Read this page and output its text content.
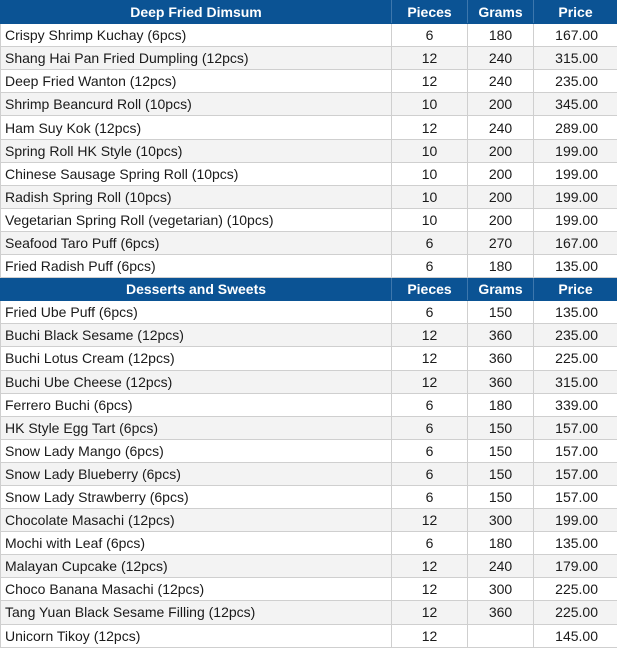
Deep Fried Dimsum	Pieces	Grams	Price
Crispy Shrimp Kuchay (6pcs)	6	180	167.00
Shang Hai Pan Fried Dumpling (12pcs)	12	240	315.00
Deep Fried Wanton (12pcs)	12	240	235.00
Shrimp Beancurd Roll (10pcs)	10	200	345.00
Ham Suy Kok (12pcs)	12	240	289.00
Spring Roll HK Style (10pcs)	10	200	199.00
Chinese Sausage Spring Roll (10pcs)	10	200	199.00
Radish Spring Roll (10pcs)	10	200	199.00
Vegetarian Spring Roll (vegetarian) (10pcs)	10	200	199.00
Seafood Taro Puff (6pcs)	6	270	167.00
Fried Radish Puff (6pcs)	6	180	135.00
Desserts and Sweets	Pieces	Grams	Price
Fried Ube Puff (6pcs)	6	150	135.00
Buchi Black Sesame (12pcs)	12	360	235.00
Buchi Lotus Cream (12pcs)	12	360	225.00
Buchi Ube Cheese (12pcs)	12	360	315.00
Ferrero Buchi (6pcs)	6	180	339.00
HK Style Egg Tart (6pcs)	6	150	157.00
Snow Lady Mango (6pcs)	6	150	157.00
Snow Lady Blueberry (6pcs)	6	150	157.00
Snow Lady Strawberry (6pcs)	6	150	157.00
Chocolate Masachi (12pcs)	12	300	199.00
Mochi with Leaf (6pcs)	6	180	135.00
Malayan Cupcake (12pcs)	12	240	179.00
Choco Banana Masachi (12pcs)	12	300	225.00
Tang Yuan Black Sesame Filling (12pcs)	12	360	225.00
Unicorn Tikoy (12pcs)	12		145.00
